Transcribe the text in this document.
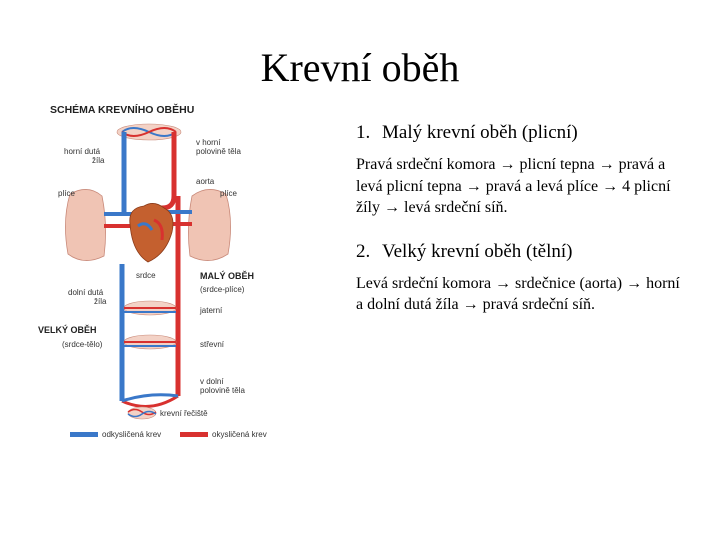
Krevní oběh
SCHÉMA KREVNÍHO OBĚHU
v horní
polovině těla
horní dutá
žíla
aorta
plíce	plíce
srdce	MALÝ OBĚH
(srdce-plíce)
dolní dutá
žíla
jaterní
VELKÝ OBĚH
(srdce-tělo)	střevní
v dolní
polovině těla
krevní řečiště
odkysličená krev	okysličená krev
1. Malý krevní oběh (plicní)

Pravá srdeční komora → plicní tepna → pravá a levá plicní tepna → pravá a levá plíce → 4 plicní žíly → levá srdeční síň.

2. Velký krevní oběh (tělní)

Levá srdeční komora → srdečnice (aorta) → horní a dolní dutá žíla → pravá srdeční síň.
